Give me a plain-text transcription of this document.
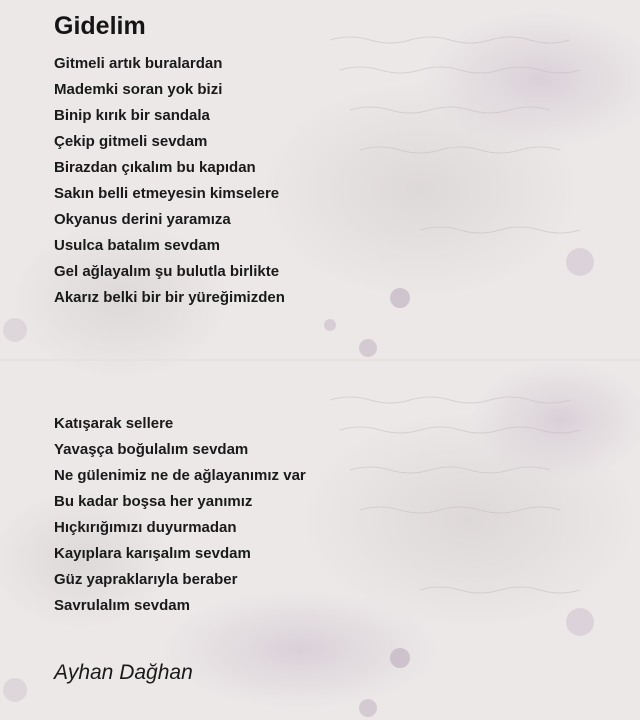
Gidelim
Gitmeli artık buralardan
Mademki soran yok bizi
Binip kırık bir sandala
Çekip gitmeli sevdam
Birazdan çıkalım bu kapıdan
Sakın belli etmeyesin kimselere
Okyanus derini yaramıza
Usulca batalım sevdam
Gel ağlayalım şu bulutla birlikte
Akarız belki bir bir yüreğimizden
Katışarak sellere
Yavaşça boğulalım sevdam
Ne gülenimiz ne de ağlayanımız var
Bu kadar boşsa her yanımız
Hıçkırığımızı duyurmadan
Kayıplara karışalım sevdam
Güz yapraklarıyla beraber
Savrulalım sevdam
Ayhan Dağhan
